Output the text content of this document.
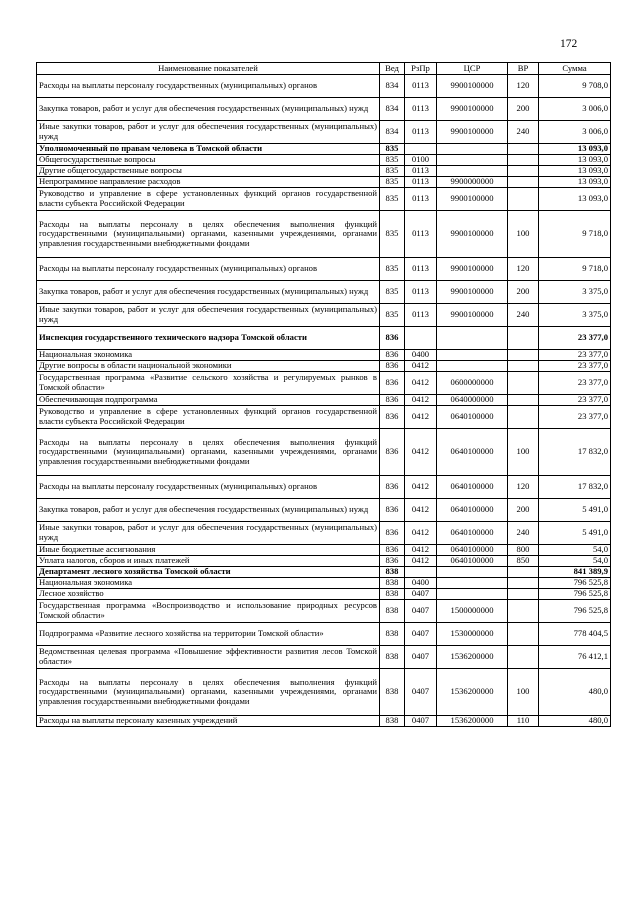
172
Наименование показателей	Вед	РзПр	ЦСР	ВР	Сумма
Расходы на выплаты персоналу государственных (муниципальных) органов	834	0113	9900100000	120	9 708,0
Закупка товаров, работ и услуг для обеспечения государственных (муниципальных) нужд	834	0113	9900100000	200	3 006,0
Иные закупки товаров, работ и услуг для обеспечения государственных (муниципальных) нужд	834	0113	9900100000	240	3 006,0
Уполномоченный по правам человека в Томской области	835				13 093,0
Общегосударственные вопросы	835	0100			13 093,0
Другие общегосударственные вопросы	835	0113			13 093,0
Непрограммное направление расходов	835	0113	9900000000		13 093,0
Руководство и управление в сфере установленных функций органов государственной власти субъекта Российской Федерации	835	0113	9900100000		13 093,0
Расходы на выплаты персоналу в целях обеспечения выполнения функций государственными (муниципальными) органами, казенными учреждениями, органами управления государственными внебюджетными фондами	835	0113	9900100000	100	9 718,0
Расходы на выплаты персоналу государственных (муниципальных) органов	835	0113	9900100000	120	9 718,0
Закупка товаров, работ и услуг для обеспечения государственных (муниципальных) нужд	835	0113	9900100000	200	3 375,0
Иные закупки товаров, работ и услуг для обеспечения государственных (муниципальных) нужд	835	0113	9900100000	240	3 375,0
Инспекция государственного технического надзора Томской области	836				23 377,0
Национальная экономика	836	0400			23 377,0
Другие вопросы в области национальной экономики	836	0412			23 377,0
Государственная программа «Развитие сельского хозяйства и регулируемых рынков в Томской области»	836	0412	0600000000		23 377,0
Обеспечивающая подпрограмма	836	0412	0640000000		23 377,0
Руководство и управление в сфере установленных функций органов государственной власти субъекта Российской Федерации	836	0412	0640100000		23 377,0
Расходы на выплаты персоналу в целях обеспечения выполнения функций государственными (муниципальными) органами, казенными учреждениями, органами управления государственными внебюджетными фондами	836	0412	0640100000	100	17 832,0
Расходы на выплаты персоналу государственных (муниципальных) органов	836	0412	0640100000	120	17 832,0
Закупка товаров, работ и услуг для обеспечения государственных (муниципальных) нужд	836	0412	0640100000	200	5 491,0
Иные закупки товаров, работ и услуг для обеспечения государственных (муниципальных) нужд	836	0412	0640100000	240	5 491,0
Иные бюджетные ассигнования	836	0412	0640100000	800	54,0
Уплата налогов, сборов и иных платежей	836	0412	0640100000	850	54,0
Департамент лесного хозяйства Томской области	838				841 389,9
Национальная экономика	838	0400			796 525,8
Лесное хозяйство	838	0407			796 525,8
Государственная программа «Воспроизводство и использование природных ресурсов Томской области»	838	0407	1500000000		796 525,8
Подпрограмма «Развитие лесного хозяйства на территории Томской области»	838	0407	1530000000		778 404,5
Ведомственная целевая программа «Повышение эффективности развития лесов Томской области»	838	0407	1536200000		76 412,1
Расходы на выплаты персоналу в целях обеспечения выполнения функций государственными (муниципальными) органами, казенными учреждениями, органами управления государственными внебюджетными фондами	838	0407	1536200000	100	480,0
Расходы на выплаты персоналу казенных учреждений	838	0407	1536200000	110	480,0
